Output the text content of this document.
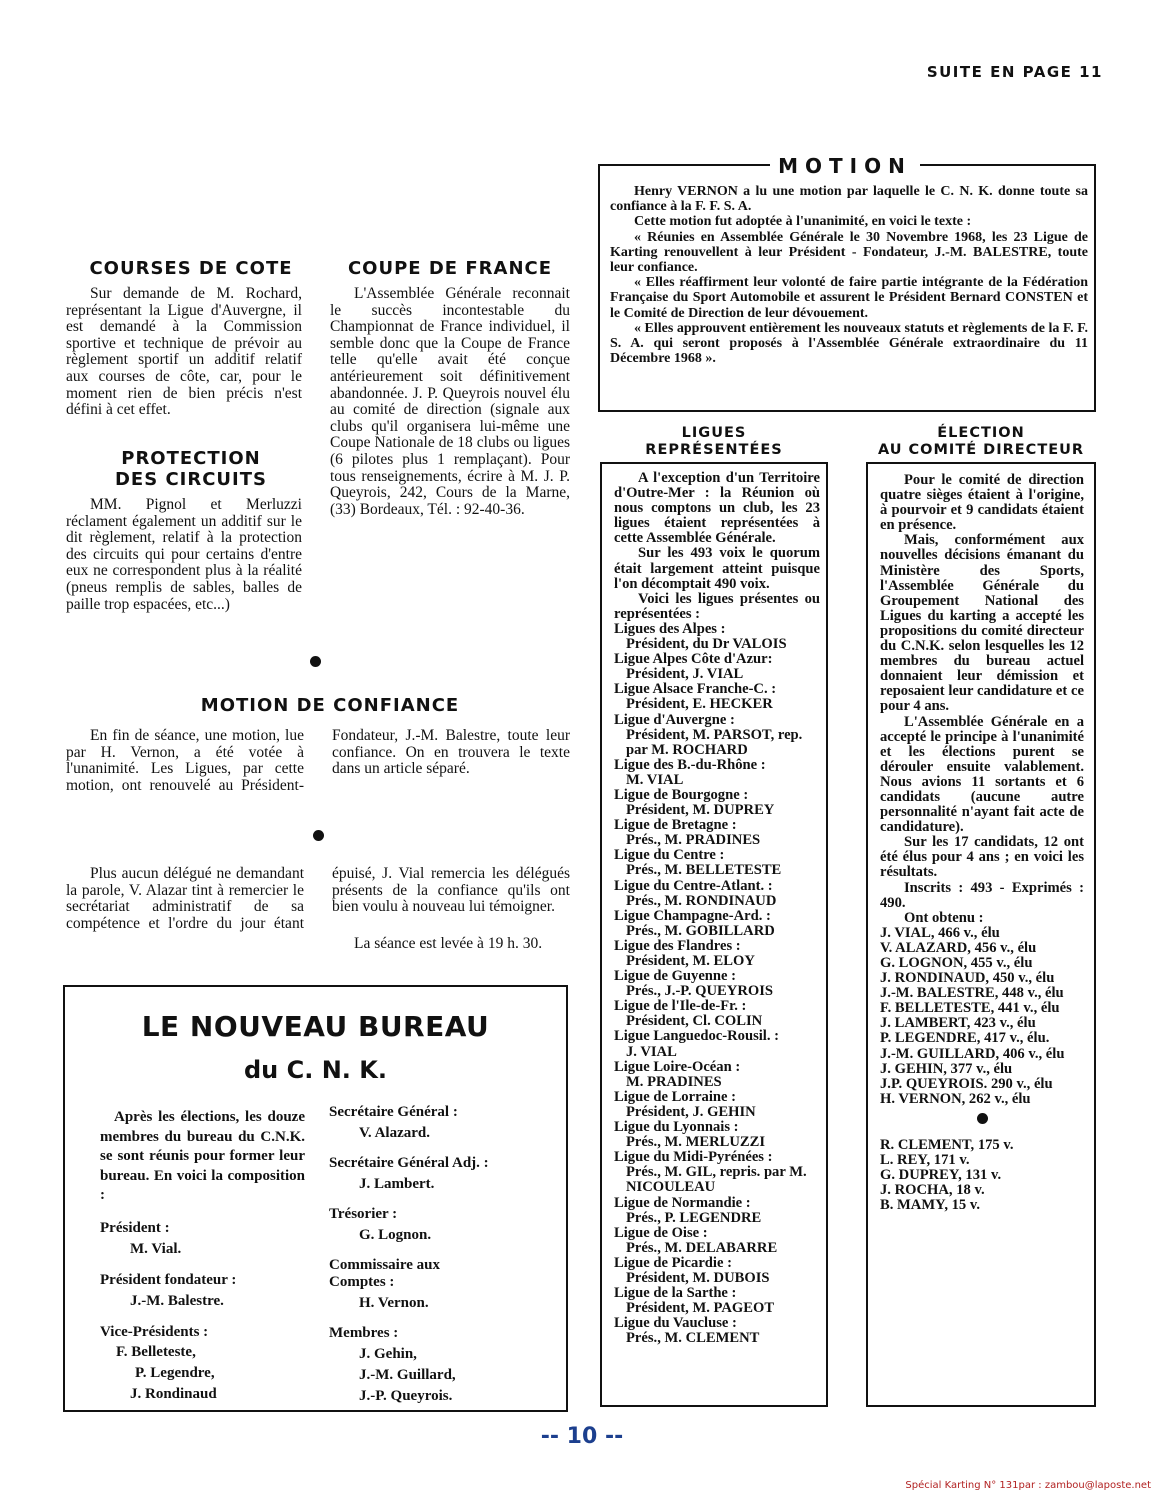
SUITE EN PAGE 11
MOTION

Henry VERNON a lu une motion par laquelle le C. N. K. donne toute sa confiance à la F. F. S. A.

Cette motion fut adoptée à l'unanimité, en voici le texte :

« Réunies en Assemblée Générale le 30 Novembre 1968, les 23 Ligue de Karting renouvellent à leur Président - Fondateur, J.-M. BALESTRE, toute leur confiance.

« Elles réaffirment leur volonté de faire partie intégrante de la Fédération Française du Sport Automobile et assurent le Président Bernard CONSTEN et le Comité de Direction de leur dévouement.

« Elles approuvent entièrement les nouveaux statuts et règlements de la F. F. S. A. qui seront proposés à l'Assemblée Générale extraordinaire du 11 Décembre 1968 ».

COURSES DE COTE
Sur demande de M. Rochard, représentant la Ligue d'Auvergne, il est demandé à la Commission sportive et technique de prévoir au règlement sportif un additif relatif aux courses de côte, car, pour le moment rien de bien précis n'est défini à cet effet.
PROTECTION
DES CIRCUITS
MM. Pignol et Merluzzi réclament également un additif sur le dit règlement, relatif à la protection des circuits qui pour certains d'entre eux ne correspondent plus à la réalité (pneus remplis de sables, balles de paille trop espacées, etc...)
COUPE DE FRANCE
L'Assemblée Générale reconnait le succès incontestable du Championnat de France individuel, il semble donc que la Coupe de France telle qu'elle avait été conçue antérieurement soit définitivement abandonnée. J. P. Queyrois nouvel élu au comité de direction (signale aux clubs qu'il organisera lui-même une Coupe Nationale de 18 clubs ou ligues (6 pilotes plus 1 remplaçant). Pour tous renseignements, écrire à M. J. P. Queyrois, 242, Cours de la Marne, (33) Bordeaux, Tél. : 92-40-36.
MOTION DE CONFIANCE
En fin de séance, une motion, lue par H. Vernon, a été votée à l'unanimité. Les Ligues, par cette motion, ont renouvelé au Président-Fondateur, J.-M. Balestre, toute leur confiance. On en trouvera le texte dans un article séparé.
Plus aucun délégué ne demandant la parole, V. Alazar tint à remercier le secrétariat administratif de sa compétence et l'ordre du jour étant épuisé, J. Vial remercia les délégués présents de la confiance qu'ils ont bien voulu à nouveau lui témoigner.
La séance est levée à 19 h. 30.
LE NOUVEAU BUREAU
du C. N. K.

Après les élections, les douze membres du bureau du C.N.K. se sont réunis pour former leur bureau. En voici la composition :

Président :

M. Vial.

Président fondateur :

J.-M. Balestre.

Vice-Présidents :

F. Belleteste,

P. Legendre,

J. Rondinaud

Secrétaire Général :

V. Alazard.

Secrétaire Général Adj. :

J. Lambert.

Trésorier :

G. Lognon.

Commissaire aux Comptes :

H. Vernon.

Membres :

J. Gehin,

J.-M. Guillard,

J.-P. Queyrois.

LIGUES
REPRÉSENTÉES

A l'exception d'un Territoire d'Outre-Mer : la Réunion où nous comptons un club, les 23 ligues étaient représentées à cette Assemblée Générale.

Sur les 493 voix le quorum était largement atteint puisque l'on décomptait 490 voix.

Voici les ligues présentes ou représentées :

Ligues des Alpes :

Président, du Dr VALOIS

Ligue Alpes Côte d'Azur:

Président, J. VIAL

Ligue Alsace Franche-C. :

Président, E. HECKER

Ligue d'Auvergne :

Président, M. PARSOT, rep. par M. ROCHARD

Ligue des B.-du-Rhône :

M. VIAL

Ligue de Bourgogne :

Président, M. DUPREY

Ligue de Bretagne :

Prés., M. PRADINES

Ligue du Centre :

Prés., M. BELLETESTE

Ligue du Centre-Atlant. :

Prés., M. RONDINAUD

Ligue Champagne-Ard. :

Prés., M. GOBILLARD

Ligue des Flandres :

Président, M. ELOY

Ligue de Guyenne :

Prés., J.-P. QUEYROIS

Ligue de l'Ile-de-Fr. :

Président, Cl. COLIN

Ligue Languedoc-Rousil. :

J. VIAL

Ligue Loire-Océan :

M. PRADINES

Ligue de Lorraine :

Président, J. GEHIN

Ligue du Lyonnais :

Prés., M. MERLUZZI

Ligue du Midi-Pyrénées :

Prés., M. GIL, repris. par M. NICOULEAU

Ligue de Normandie :

Prés., P. LEGENDRE

Ligue de Oise :

Prés., M. DELABARRE

Ligue de Picardie :

Président, M. DUBOIS

Ligue de la Sarthe :

Président, M. PAGEOT

Ligue du Vaucluse :

Prés., M. CLEMENT

ÉLECTION
AU COMITÉ DIRECTEUR

Pour le comité de direction quatre sièges étaient à l'origine, à pourvoir et 9 candidats étaient en présence.

Mais, conformément aux nouvelles décisions émanant du Ministère des Sports, l'Assemblée Générale du Groupement National des Ligues du karting a accepté les propositions du comité directeur du C.N.K. selon lesquelles les 12 membres du bureau actuel donnaient leur démission et reposaient leur candidature et ce pour 4 ans.

L'Assemblée Générale en a accepté le principe à l'unanimité et les élections purent se dérouler ensuite valablement. Nous avions 11 sortants et 6 candidats (aucune autre personnalité n'ayant fait acte de candidature).

Sur les 17 candidats, 12 ont été élus pour 4 ans ; en voici les résultats.

Inscrits : 493 - Exprimés : 490.

Ont obtenu :

J. VIAL, 466 v., élu

V. ALAZARD, 456 v., élu

G. LOGNON, 455 v., élu

J. RONDINAUD, 450 v., élu

J.-M. BALESTRE, 448 v., élu

F. BELLETESTE, 441 v., élu

J. LAMBERT, 423 v., élu

P. LEGENDRE, 417 v., élu.

J.-M. GUILLARD, 406 v., élu

J. GEHIN, 377 v., élu

J.P. QUEYROIS. 290 v., élu

H. VERNON, 262 v., élu

R. CLEMENT, 175 v.

L. REY, 171 v.

G. DUPREY, 131 v.

J. ROCHA, 18 v.

B. MAMY, 15 v.

-- 10 --
Spécial Karting N° 131par : zambou@laposte.net
